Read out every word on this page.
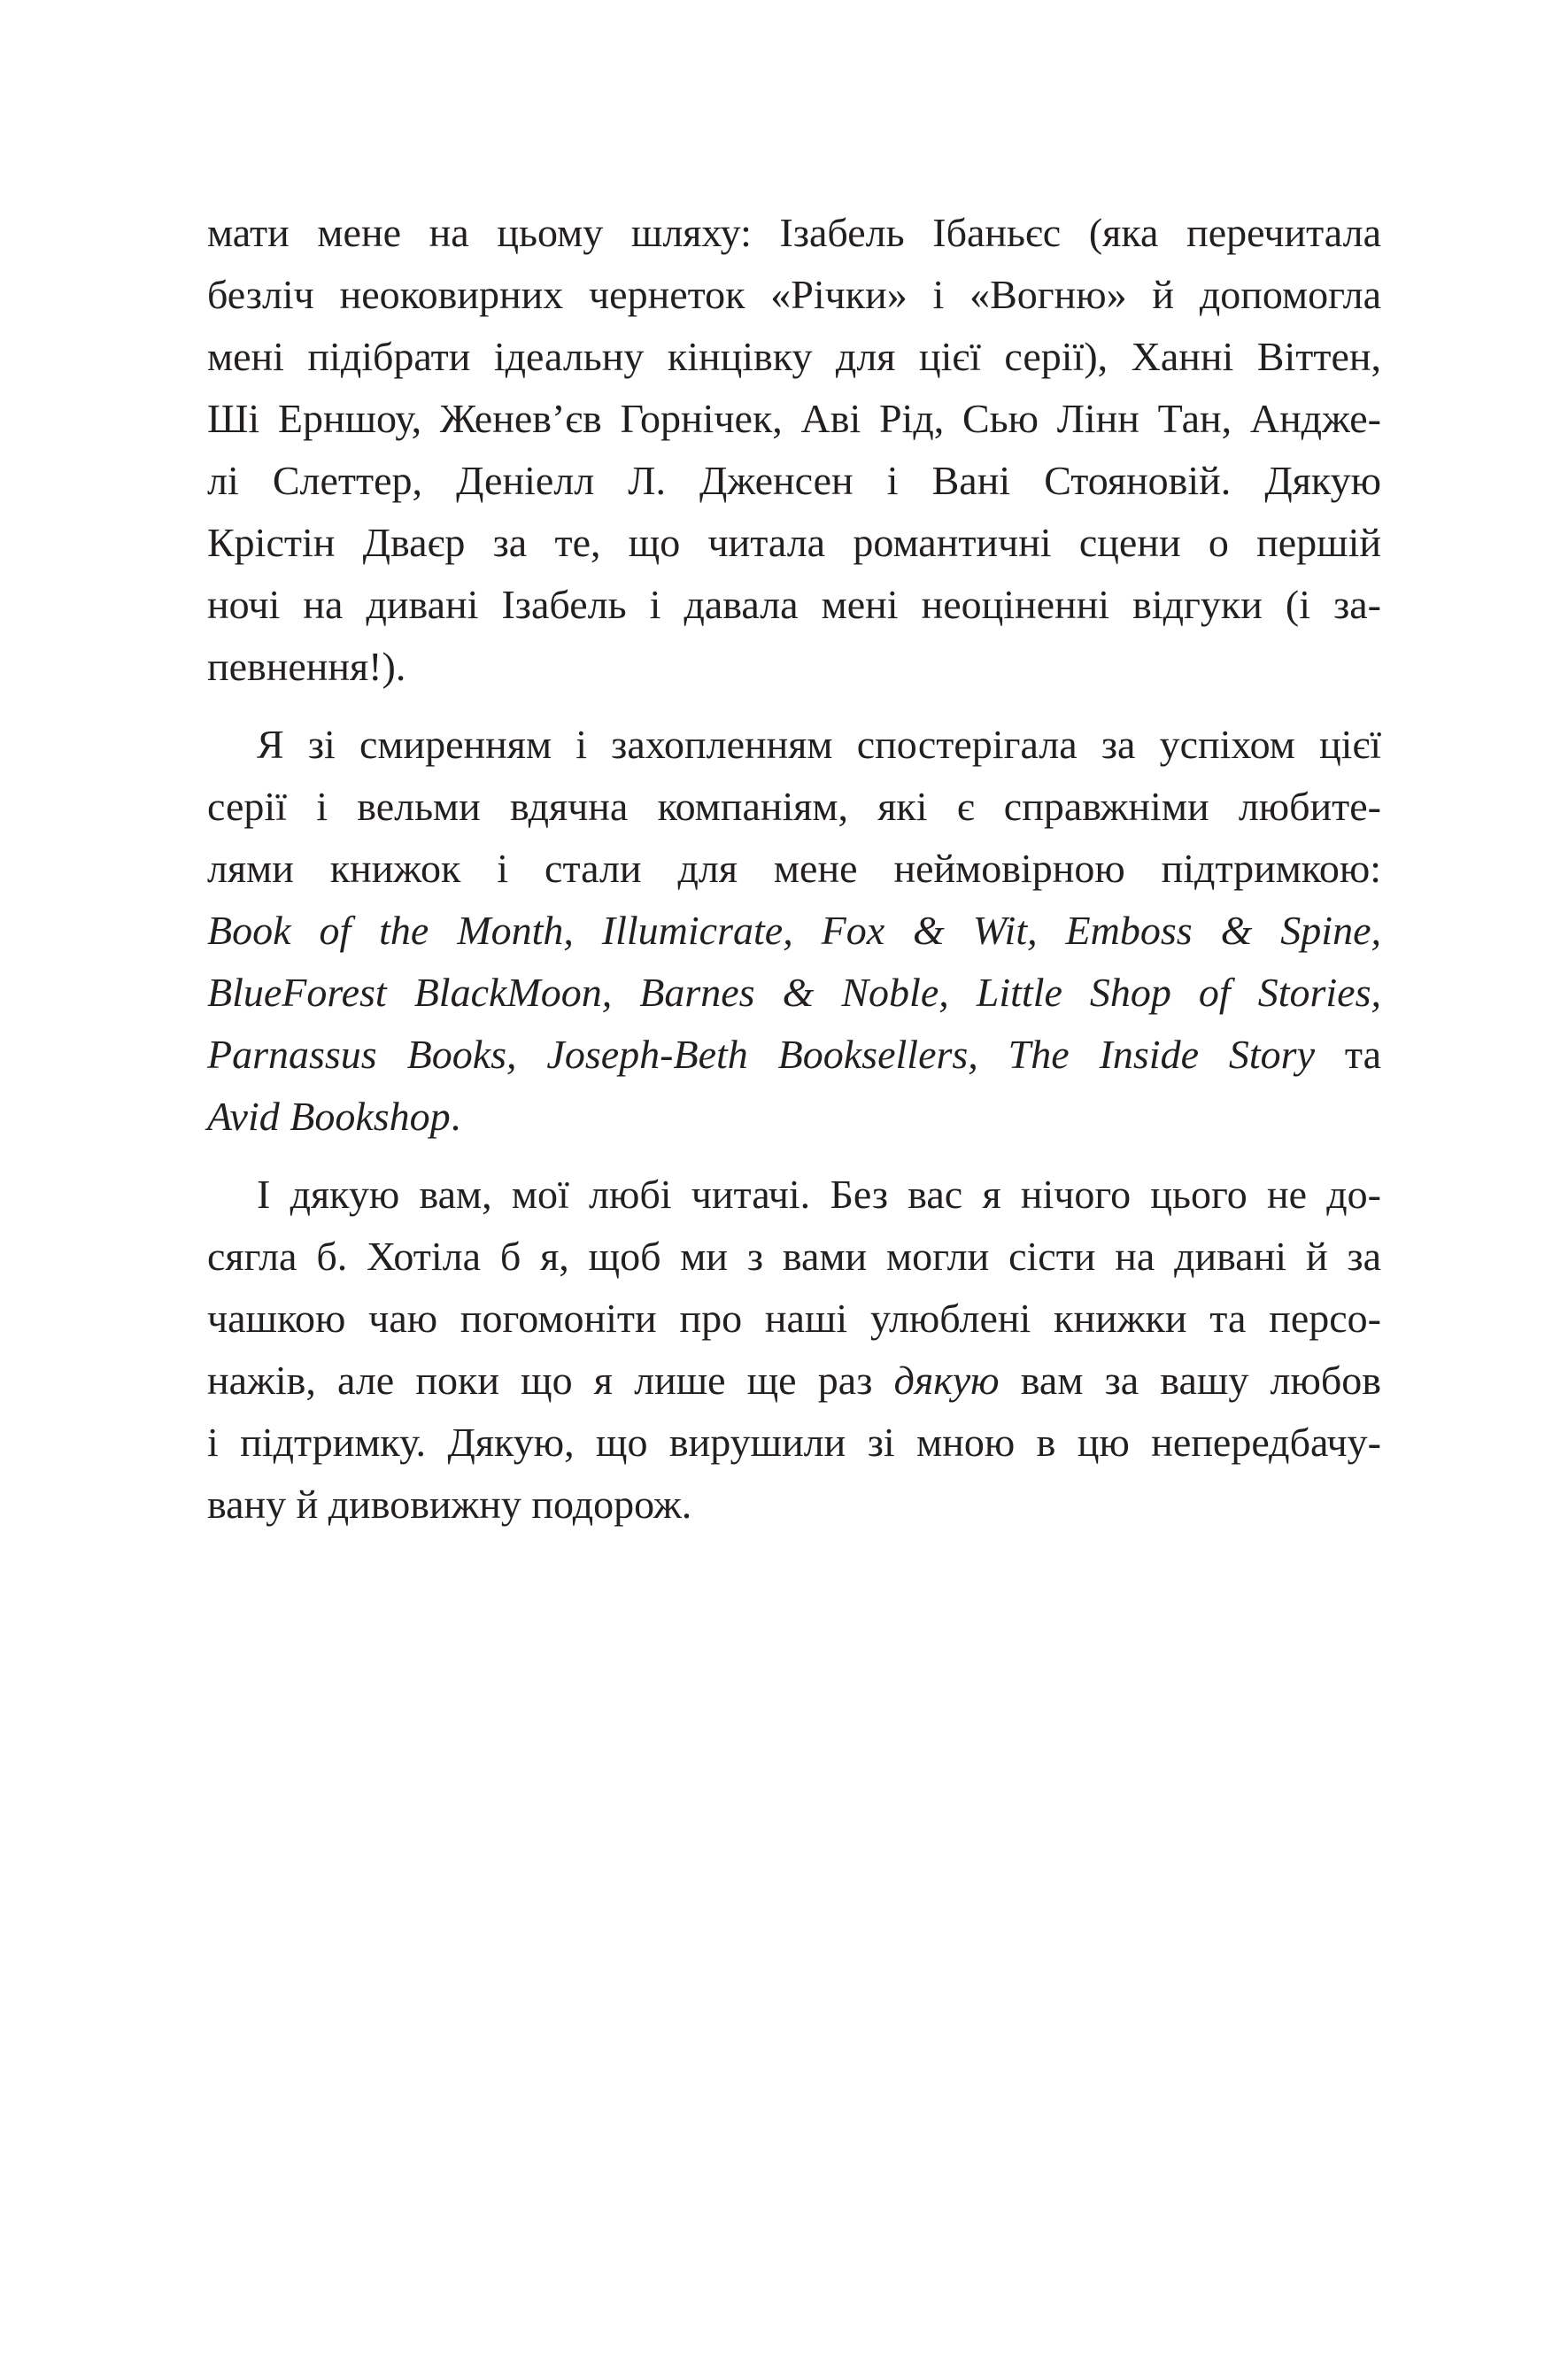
мати мене на цьому шляху: Ізабель Ібаньєс (яка перечитала
безліч неоковирних чернеток «Річки» і «Вогню» й допомогла
мені підібрати ідеальну кінцівку для цієї серії), Ханні Віттен,
Ші Ерншоу, Женев’єв Горнічек, Аві Рід, Сью Лінн Тан, Андже-
лі Слеттер, Деніелл Л. Дженсен і Вані Стояновій. Дякую
Крістін Дваєр за те, що читала романтичні сцени о першій
ночі на дивані Ізабель і давала мені неоціненні відгуки (і за-
певнення!).
Я зі смиренням і захопленням спостерігала за успіхом цієї
серії і вельми вдячна компаніям, які є справжніми любите-
лями книжок і стали для мене неймовірною підтримкою:
Book of the Month, Illumicrate, Fox & Wit, Emboss & Spine,
BlueForest BlackMoon, Barnes & Noble, Little Shop of Stories,
Parnassus Books, Joseph-Beth Booksellers, The Inside Story та
Avid Bookshop.
І дякую вам, мої любі читачі. Без вас я нічого цього не до-
сягла б. Хотіла б я, щоб ми з вами могли сісти на дивані й за
чашкою чаю погомоніти про наші улюблені книжки та персо-
нажів, але поки що я лише ще раз дякую вам за вашу любов
і підтримку. Дякую, що вирушили зі мною в цю непередбачу-
вану й дивовижну подорож.
